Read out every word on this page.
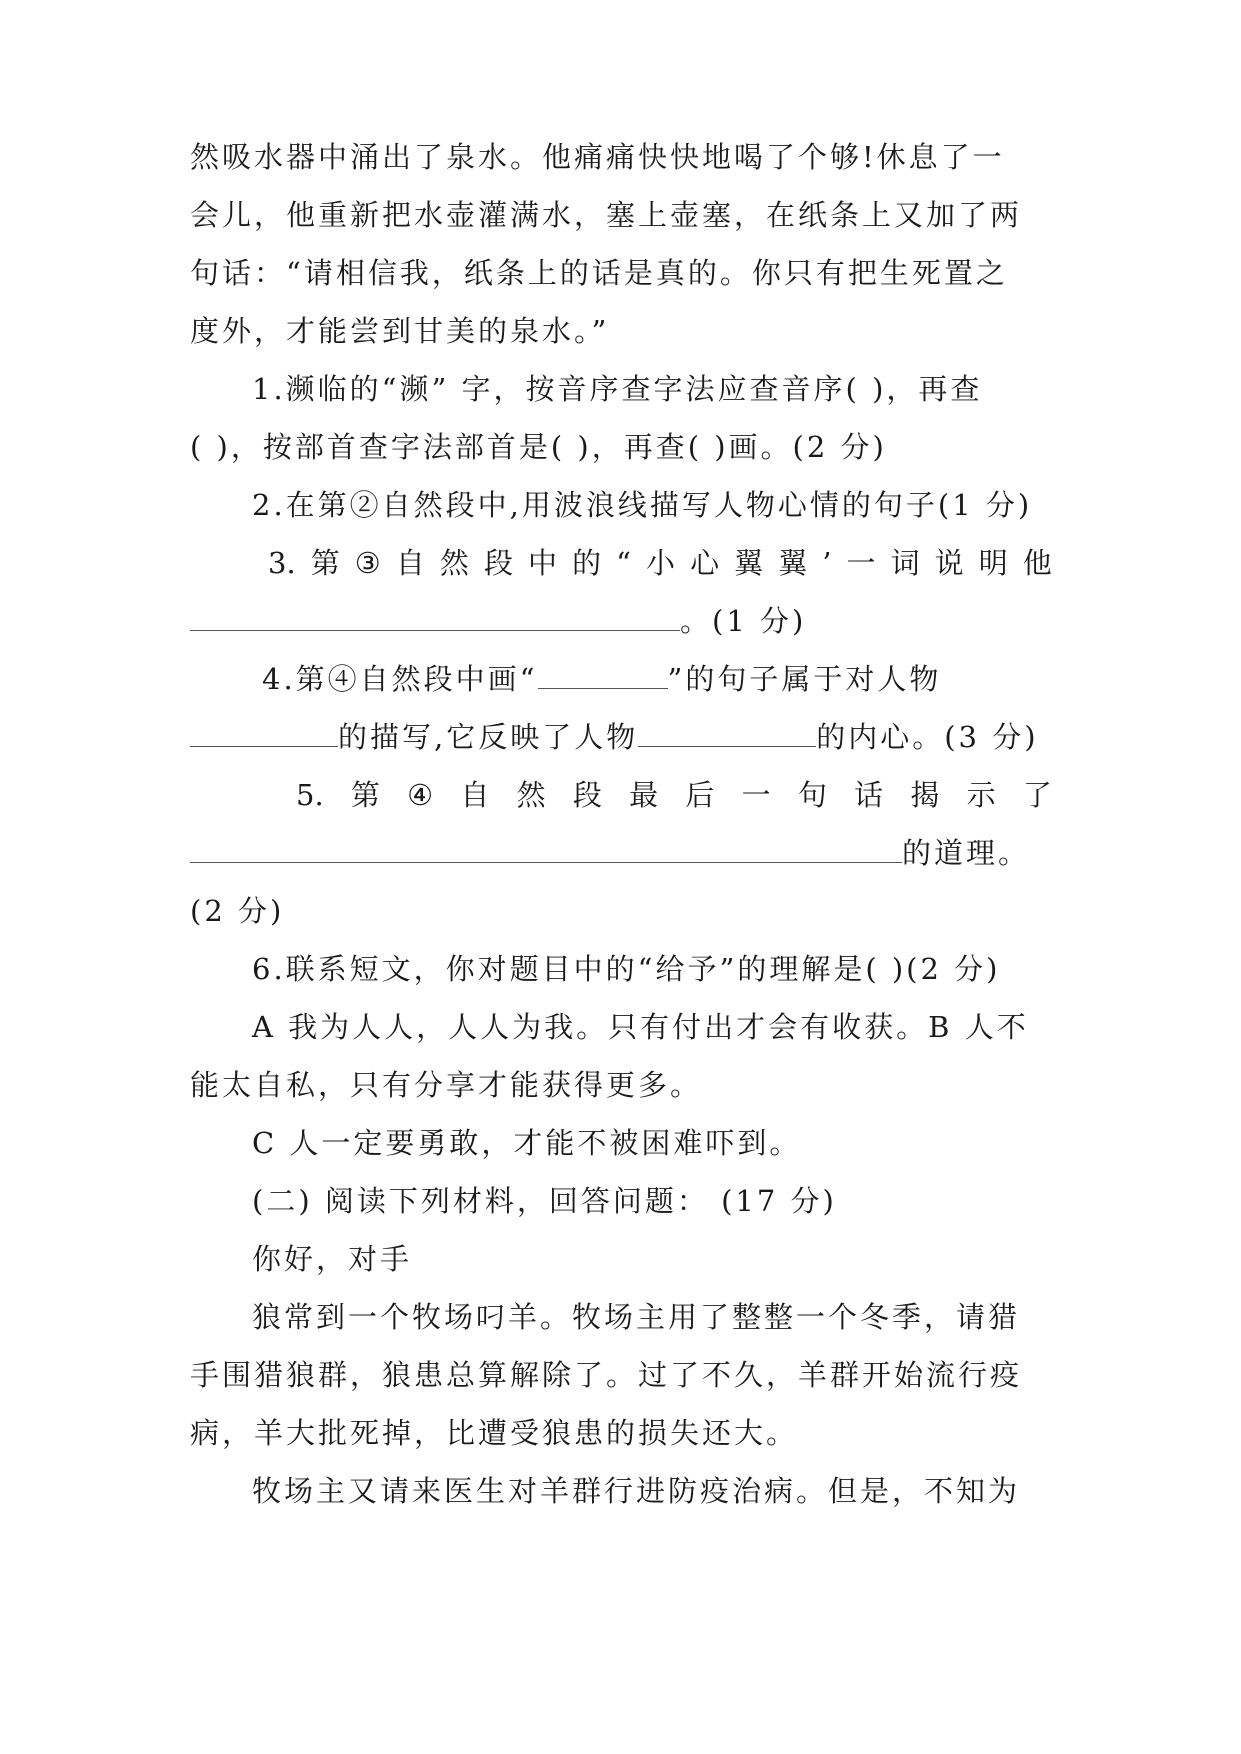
然吸水器中涌出了泉水。他痛痛快快地喝了个够!休息了一
会儿，他重新把水壶灌满水，塞上壶塞，在纸条上又加了两
句话：“请相信我，纸条上的话是真的。你只有把生死置之
度外，才能尝到甘美的泉水。”
1.濒临的“濒” 字，按音序查字法应查音序( )，再查
( )，按部首查字法部首是( )，再查( )画。(2 分)
2.在第②自然段中,用波浪线描写人物心情的句子(1 分)
3. 第 ③ 自 然 段 中 的 “ 小 心 翼 翼 ’ 一 词 说 明 他
。(1 分)
4.第④自然段中画“	”的句子属于对人物
的描写,它反映了人物	的内心。(3 分)
5. 第 ④ 自 然 段 最 后 一 句 话 揭 示 了
的道理。
(2 分)
6.联系短文，你对题目中的“给予”的理解是( )(2 分)
A 我为人人，人人为我。只有付出才会有收获。B 人不
能太自私，只有分享才能获得更多。
C 人一定要勇敢，才能不被困难吓到。
(二) 阅读下列材料，回答问题： (17 分)
你好，对手
狼常到一个牧场叼羊。牧场主用了整整一个冬季，请猎
手围猎狼群，狼患总算解除了。过了不久，羊群开始流行疫
病，羊大批死掉，比遭受狼患的损失还大。
牧场主又请来医生对羊群行进防疫治病。但是，不知为
